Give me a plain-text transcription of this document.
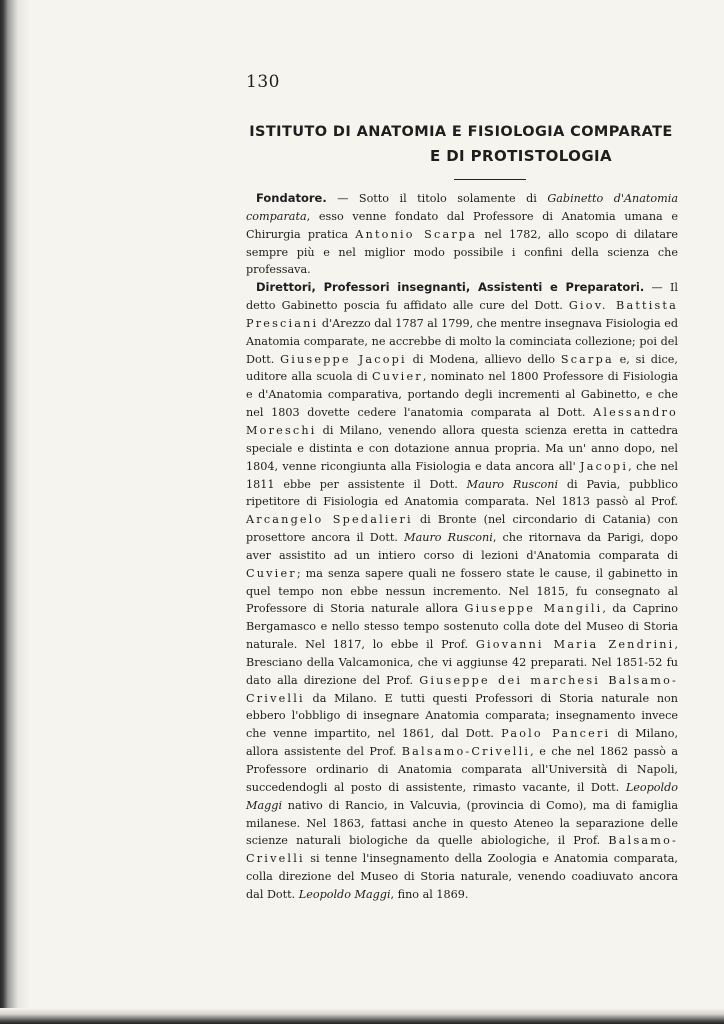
130
ISTITUTO DI ANATOMIA E FISIOLOGIA COMPARATE
E DI PROTISTOLOGIA

Fondatore. — Sotto il titolo solamente di Gabinetto d'Anatomia comparata, esso venne fondato dal Professore di Anatomia umana e Chirurgia pratica Antonio Scarpa nel 1782, allo scopo di dilatare sempre più e nel miglior modo possibile i confini della scienza che professava.

Direttori, Professori insegnanti, Assistenti e Preparatori. — Il detto Gabinetto poscia fu affidato alle cure del Dott. Giov. Battista Presciani d'Arezzo dal 1787 al 1799, che mentre insegnava Fisiologia ed Anatomia comparate, ne accrebbe di molto la cominciata collezione; poi del Dott. Giuseppe Jacopi di Modena, allievo dello Scarpa e, si dice, uditore alla scuola di Cuvier, nominato nel 1800 Professore di Fisiologia e d'Anatomia comparativa, portando degli incrementi al Gabinetto, e che nel 1803 dovette cedere l'anatomia comparata al Dott. Alessandro Moreschi di Milano, venendo allora questa scienza eretta in cattedra speciale e distinta e con dotazione annua propria. Ma un' anno dopo, nel 1804, venne ricongiunta alla Fisiologia e data ancora all' Jacopi, che nel 1811 ebbe per assistente il Dott. Mauro Rusconi di Pavia, pubblico ripetitore di Fisiologia ed Anatomia comparata. Nel 1813 passò al Prof. Arcangelo Spedalieri di Bronte (nel circondario di Catania) con prosettore ancora il Dott. Mauro Rusconi, che ritornava da Parigi, dopo aver assistito ad un intiero corso di lezioni d'Anatomia comparata di Cuvier; ma senza sapere quali ne fossero state le cause, il gabinetto in quel tempo non ebbe nessun incremento. Nel 1815, fu consegnato al Professore di Storia naturale allora Giuseppe Mangili, da Caprino Bergamasco e nello stesso tempo sostenuto colla dote del Museo di Storia naturale. Nel 1817, lo ebbe il Prof. Giovanni Maria Zendrini, Bresciano della Valcamonica, che vi aggiunse 42 preparati. Nel 1851-52 fu dato alla direzione del Prof. Giuseppe dei marchesi Balsamo-Crivelli da Milano. E tutti questi Professori di Storia naturale non ebbero l'obbligo di insegnare Anatomia comparata; insegnamento invece che venne impartito, nel 1861, dal Dott. Paolo Panceri di Milano, allora assistente del Prof. Balsamo-Crivelli, e che nel 1862 passò a Professore ordinario di Anatomia comparata all'Università di Napoli, succedendogli al posto di assistente, rimasto vacante, il Dott. Leopoldo Maggi nativo di Rancio, in Valcuvia, (provincia di Como), ma di famiglia milanese. Nel 1863, fattasi anche in questo Ateneo la separazione delle scienze naturali biologiche da quelle abiologiche, il Prof. Balsamo-Crivelli si tenne l'insegnamento della Zoologia e Anatomia comparata, colla direzione del Museo di Storia naturale, venendo coadiuvato ancora dal Dott. Leopoldo Maggi, fino al 1869.
